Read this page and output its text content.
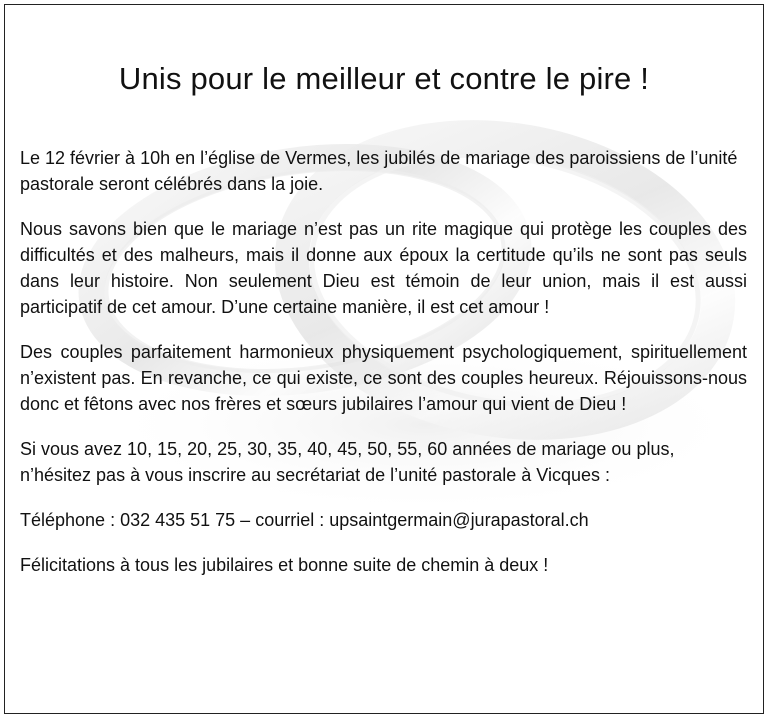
Unis pour le meilleur et contre le pire !

Le 12 février à 10h en l’église de Vermes, les jubilés de mariage des paroissiens de l’unité pastorale seront célébrés dans la joie.

Nous savons bien que le mariage n’est pas un rite magique qui protège les couples des difficultés et des malheurs, mais il donne aux époux la certitude qu’ils ne sont pas seuls dans leur histoire. Non seulement Dieu est témoin de leur union, mais il est aussi participatif de cet amour. D’une certaine manière, il est cet amour !

Des couples parfaitement harmonieux physiquement psychologiquement, spirituellement n’existent pas. En revanche, ce qui existe, ce sont des couples heureux. Réjouissons-nous donc et fêtons avec nos frères et sœurs jubilaires l’amour qui vient de Dieu !

Si vous avez 10, 15, 20, 25, 30, 35, 40, 45, 50, 55, 60 années de mariage ou plus, n’hésitez pas à vous inscrire au secrétariat de l’unité pastorale à Vicques :

Téléphone : 032 435 51 75 – courriel : upsaintgermain@jurapastoral.ch

Félicitations à tous les jubilaires et bonne suite de chemin à deux !
